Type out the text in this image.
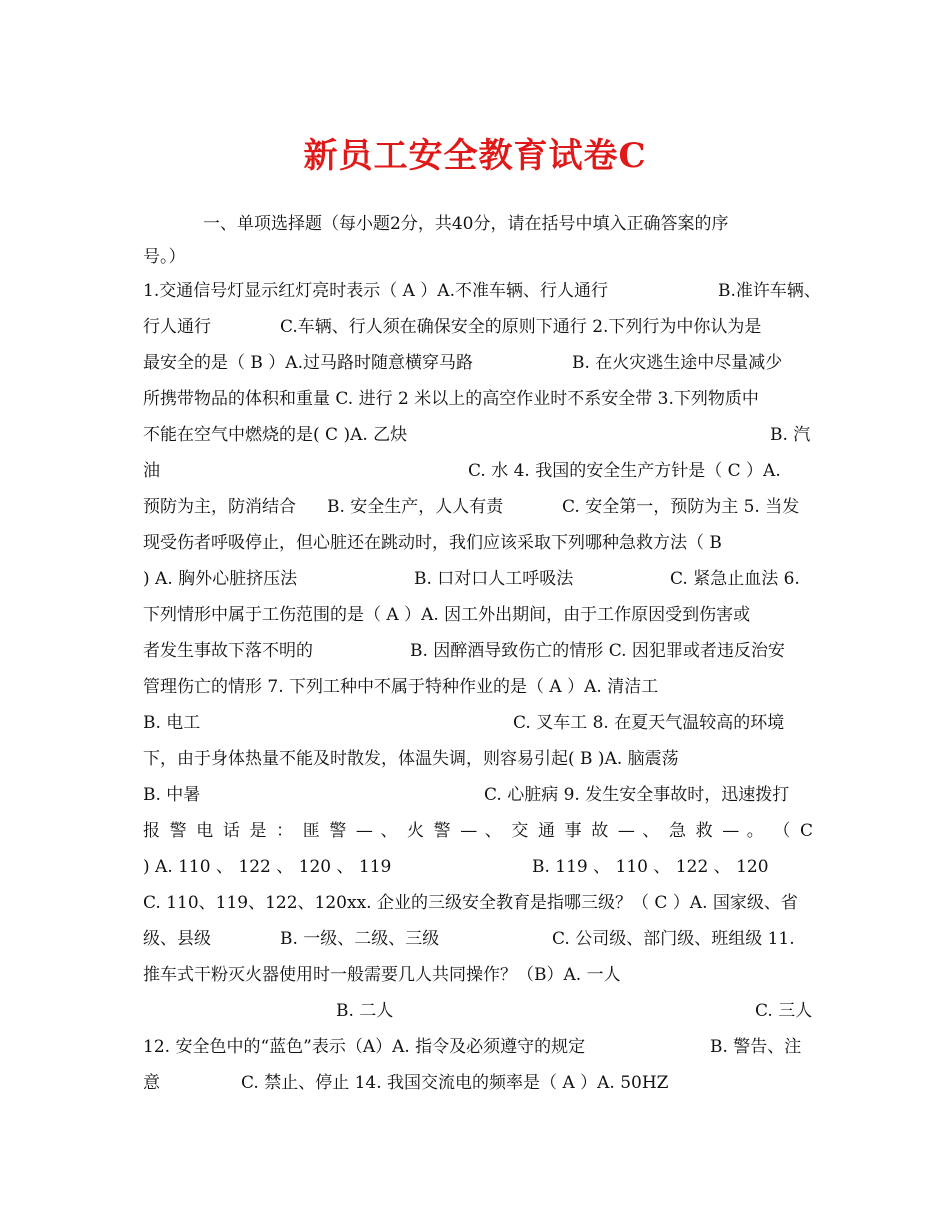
新员工安全教育试卷C
一、单项选择题（每小题2分，共40分，请在括号中填入正确答案的序
号。）
1.交通信号灯显示红灯亮时表示（ A ）A.不准车辆、行人通行	B.准许车辆、
行人通行	C.车辆、行人须在确保安全的原则下通行 2.下列行为中你认为是
最安全的是（ B ）A.过马路时随意横穿马路	B. 在火灾逃生途中尽量减少
所携带物品的体积和重量 C. 进行 2 米以上的高空作业时不系安全带 3.下列物质中
不能在空气中燃烧的是( C )A. 乙炔	B. 汽
油	C. 水 4. 我国的安全生产方针是（ C ）A.
预防为主，防消结合 B. 安全生产，人人有责	C. 安全第一，预防为主 5. 当发
现受伤者呼吸停止，但心脏还在跳动时，我们应该采取下列哪种急救方法（ B
) A. 胸外心脏挤压法	B. 口对口人工呼吸法	C. 紧急止血法 6.
下列情形中属于工伤范围的是（ A ）A. 因工外出期间，由于工作原因受到伤害或
者发生事故下落不明的	B. 因醉酒导致伤亡的情形 C. 因犯罪或者违反治安
管理伤亡的情形 7. 下列工种中不属于特种作业的是（ A ）A. 清洁工
B. 电工	C. 叉车工 8. 在夏天气温较高的环境
下，由于身体热量不能及时散发，体温失调，则容易引起( B )A. 脑震荡
B. 中暑	C. 心脏病 9. 发生安全事故时，迅速拨打
报 警 电 话 是 ： 匪 警 — 、 火 警 — 、 交 通 事 故 — 、 急 救 — 。 （ C
) A. 110 、 122 、 120 、 119	B. 119 、 110 、 122 、 120
C. 110、119、122、120xx. 企业的三级安全教育是指哪三级？（ C ）A. 国家级、省
级、县级	B. 一级、二级、三级	C. 公司级、部门级、班组级 11.
推车式干粉灭火器使用时一般需要几人共同操作？（B）A. 一人
B. 二人	C. 三人
12. 安全色中的“蓝色”表示（A）A. 指令及必须遵守的规定	B. 警告、注
意	C. 禁止、停止 14. 我国交流电的频率是（ A ）A. 50HZ
